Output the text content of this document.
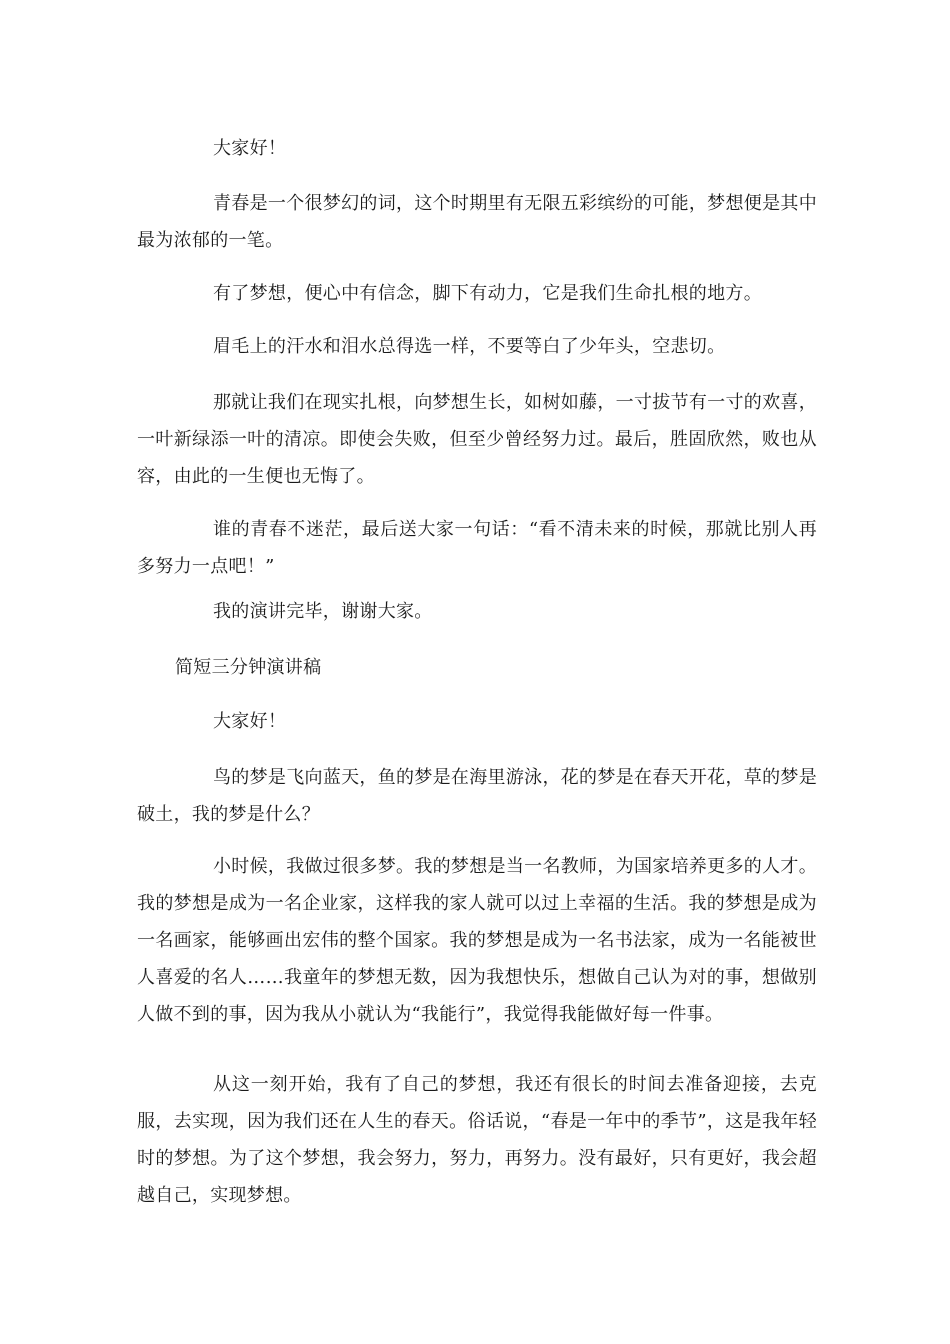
大家好！

青春是一个很梦幻的词，这个时期里有无限五彩缤纷的可能，梦想便是其中最为浓郁的一笔。

有了梦想，便心中有信念，脚下有动力，它是我们生命扎根的地方。

眉毛上的汗水和泪水总得选一样，不要等白了少年头，空悲切。

那就让我们在现实扎根，向梦想生长，如树如藤，一寸拔节有一寸的欢喜，一叶新绿添一叶的清凉。即使会失败，但至少曾经努力过。最后，胜固欣然，败也从容，由此的一生便也无悔了。

谁的青春不迷茫，最后送大家一句话：“看不清未来的时候，那就比别人再多努力一点吧！”

我的演讲完毕，谢谢大家。

简短三分钟演讲稿

大家好！

鸟的梦是飞向蓝天，鱼的梦是在海里游泳，花的梦是在春天开花，草的梦是破土，我的梦是什么？

小时候，我做过很多梦。我的梦想是当一名教师，为国家培养更多的人才。我的梦想是成为一名企业家，这样我的家人就可以过上幸福的生活。我的梦想是成为一名画家，能够画出宏伟的整个国家。我的梦想是成为一名书法家，成为一名能被世人喜爱的名人……我童年的梦想无数，因为我想快乐，想做自己认为对的事，想做别人做不到的事，因为我从小就认为“我能行”，我觉得我能做好每一件事。

从这一刻开始，我有了自己的梦想，我还有很长的时间去准备迎接，去克服，去实现，因为我们还在人生的春天。俗话说，“春是一年中的季节”，这是我年轻时的梦想。为了这个梦想，我会努力，努力，再努力。没有最好，只有更好，我会超越自己，实现梦想。
